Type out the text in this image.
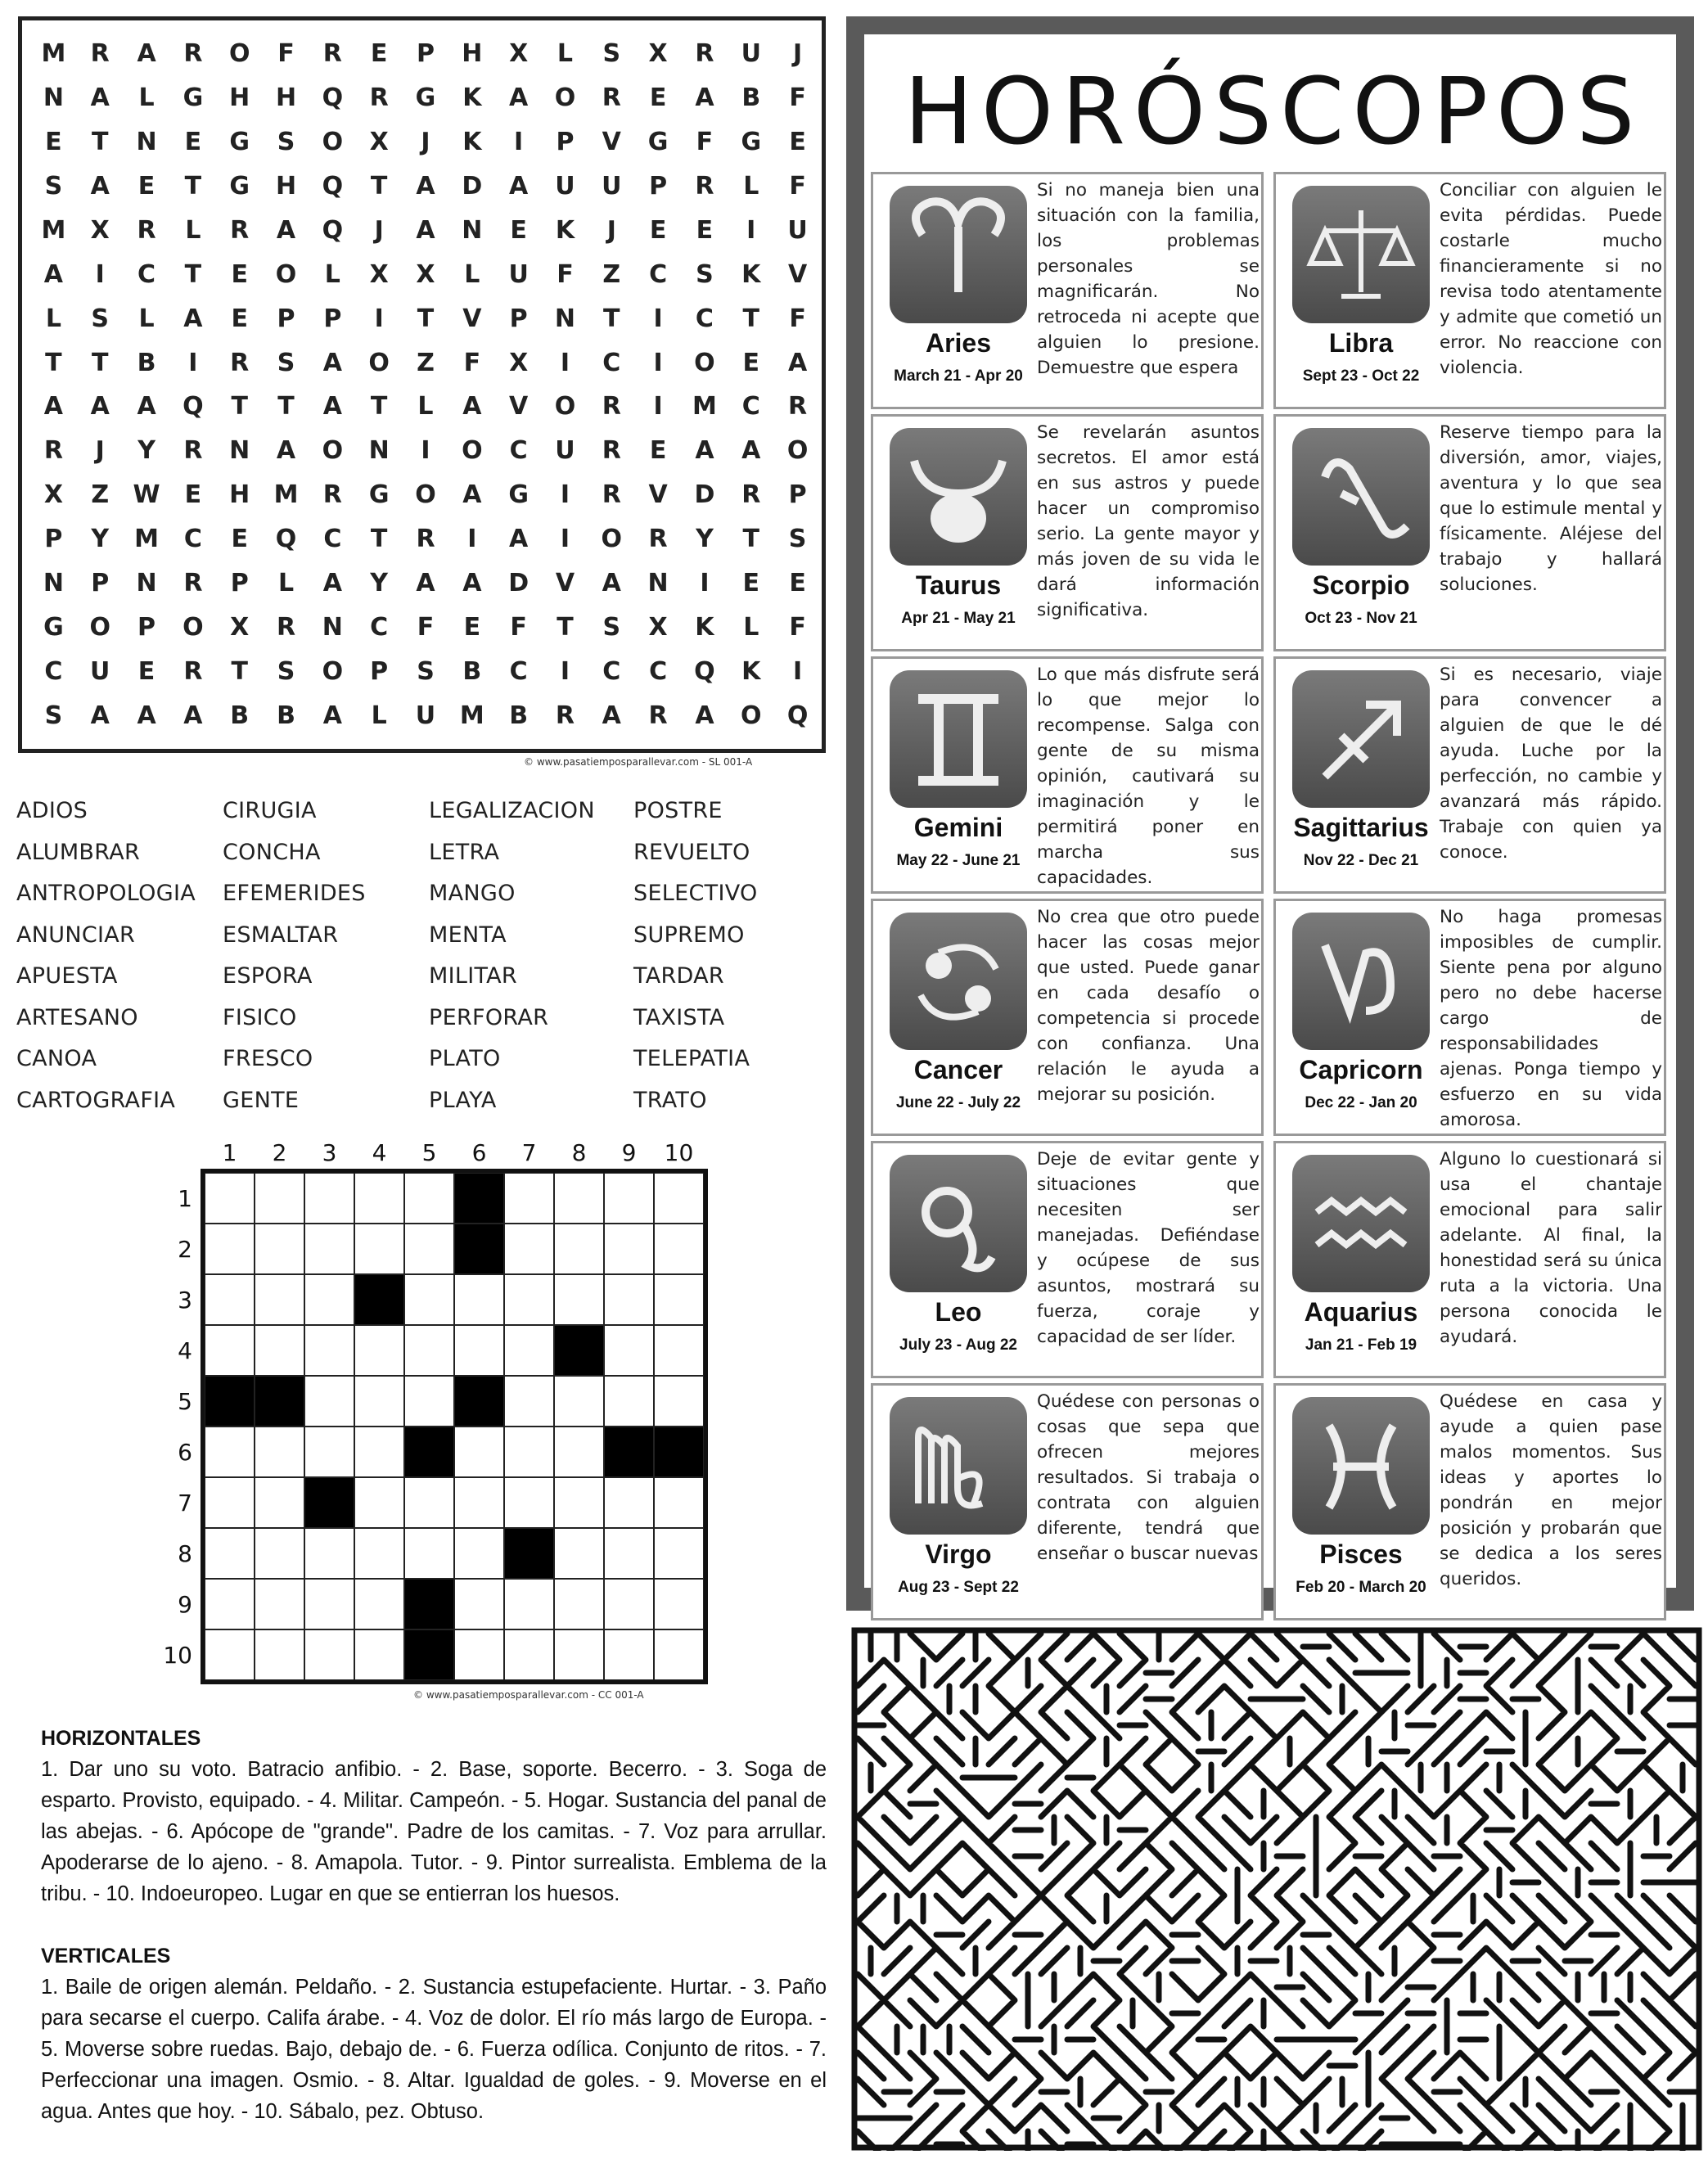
M	R	A	R	O	F	R	E	P	H	X	L	S	X	R	U	J
N	A	L	G	H	H	Q	R	G	K	A	O	R	E	A	B	F
E	T	N	E	G	S	O	X	J	K	I	P	V	G	F	G	E
S	A	E	T	G	H	Q	T	A	D	A	U	U	P	R	L	F
M	X	R	L	R	A	Q	J	A	N	E	K	J	E	E	I	U
A	I	C	T	E	O	L	X	X	L	U	F	Z	C	S	K	V
L	S	L	A	E	P	P	I	T	V	P	N	T	I	C	T	F
T	T	B	I	R	S	A	O	Z	F	X	I	C	I	O	E	A
A	A	A	Q	T	T	A	T	L	A	V	O	R	I	M	C	R
R	J	Y	R	N	A	O	N	I	O	C	U	R	E	A	A	O
X	Z W	E	H M	R	G	O	A	G	I	R	V	D	R	P
P	Y	M	C	E	Q	C	T	R	I	A	I	O	R	Y	T	S
N	P	N	R	P	L	A	Y	A	A	D	V	A	N	I	E	E
G	O	P	O	X	R	N	C	F	E	F	T	S	X	K	L	F
C	U	E	R	T	S	O	P	S	B	C	I	C	C	Q	K	I
S	A	A	A	B	B	A	L	U M	B	R	A	R	A	O	Q
© www.pasatiemposparallevar.com - SL 001-A
ADIOS	CIRUGIA	LEGALIZACION	POSTRE
ALUMBRAR	CONCHA	LETRA	REVUELTO
ANTROPOLOGIA	EFEMERIDES	MANGO	SELECTIVO
ANUNCIAR	ESMALTAR	MENTA	SUPREMO
APUESTA	ESPORA	MILITAR	TARDAR
ARTESANO	FISICO	PERFORAR	TAXISTA
CANOA	FRESCO	PLATO	TELEPATIA
CARTOGRAFIA	GENTE	PLAYA	TRATO
1	2	3	4	5	6	7	8	9	10
1
2
3
4
5
6
7
8
9
10
© www.pasatiemposparallevar.com - CC 001-A
HORIZONTALES

1. Dar uno su voto. Batracio anfibio. - 2. Base, soporte. Becerro. - 3. Soga de esparto. Provisto, equipado. - 4. Militar. Campeón. - 5. Hogar. Sustancia del panal de las abejas. - 6. Apócope de "grande". Padre de los camitas. - 7. Voz para arrullar. Apoderarse de lo ajeno. - 8. Amapola. Tutor. - 9. Pintor surrealista. Emblema de la tribu. - 10. Indoeuropeo. Lugar en que se entierran los huesos.

VERTICALES

1. Baile de origen alemán. Peldaño. - 2. Sustancia estupefaciente. Hurtar. - 3. Paño para secarse el cuerpo. Califa árabe. - 4. Voz de dolor. El río más largo de Europa. - 5. Moverse sobre ruedas. Bajo, debajo de. - 6. Fuerza odílica. Conjunto de ritos. - 7. Perfeccionar una imagen. Osmio. - 8. Altar. Igualdad de goles. - 9. Moverse en el agua. Antes que hoy. - 10. Sábalo, pez. Obtuso.

HORÓSCOPOS
Aries
March 21 - Apr 20
Si no maneja bien una situación con la familia, los problemas personales se magnificarán. No retroceda ni acepte que alguien lo presione. Demuestre que espera
Libra
Sept 23 - Oct 22
Conciliar con alguien le evita pérdidas. Puede costarle mucho financieramente si no revisa todo atentamente y admite que cometió un error. No reaccione con violencia.
Taurus
Apr 21 - May 21
Se revelarán asuntos secretos. El amor está en sus astros y puede hacer un compromiso serio. La gente mayor y más joven de su vida le dará información significativa.
Scorpio
Oct 23 - Nov 21
Reserve tiempo para la diversión, amor, viajes, aventura y lo que sea que lo estimule mental y físicamente. Aléjese del trabajo y hallará soluciones.
Gemini
May 22 - June 21
Lo que más disfrute será lo que mejor lo recompense. Salga con gente de su misma opinión, cautivará su imaginación y le permitirá poner en marcha sus capacidades.
Sagittarius
Nov 22 - Dec 21
Si es necesario, viaje para convencer a alguien de que le dé ayuda. Luche por la perfección, no cambie y avanzará más rápido. Trabaje con quien ya conoce.
Cancer
June 22 - July 22
No crea que otro puede hacer las cosas mejor que usted. Puede ganar en cada desafío o competencia si procede con confianza. Una relación le ayuda a mejorar su posición.
Capricorn
Dec 22 - Jan 20
No haga promesas imposibles de cumplir. Siente pena por alguno pero no debe hacerse cargo de responsabilidades ajenas. Ponga tiempo y esfuerzo en su vida amorosa.
Leo
July 23 - Aug 22
Deje de evitar gente y situaciones que necesiten ser manejadas. Defiéndase y ocúpese de sus asuntos, mostrará su fuerza, coraje y capacidad de ser líder.
Aquarius
Jan 21 - Feb 19
Alguno lo cuestionará si usa el chantaje emocional para salir adelante. Al final, la honestidad será su única ruta a la victoria. Una persona conocida le ayudará.
Virgo
Aug 23 - Sept 22
Quédese con personas o cosas que sepa que ofrecen mejores resultados. Si trabaja o contrata con alguien diferente, tendrá que enseñar o buscar nuevas	Pisces
Feb 20 - March 20
Quédese en casa y ayude a quien pase malos momentos. Sus ideas y aportes lo pondrán en mejor posición y probarán que se dedica a los seres queridos.
